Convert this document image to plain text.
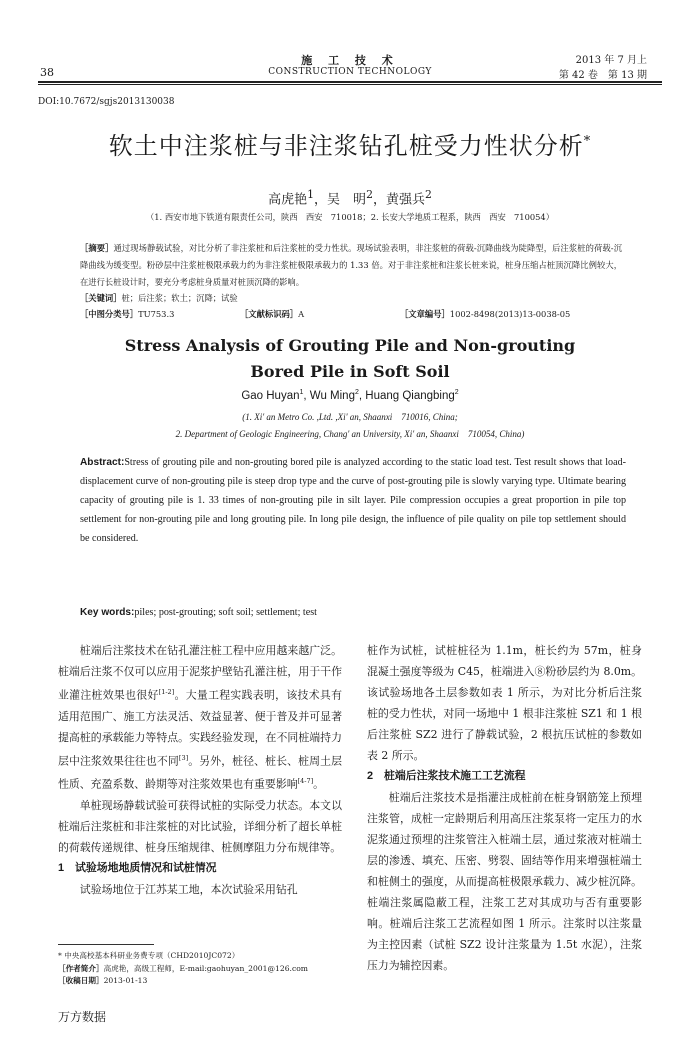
施 工 技 术
CONSTRUCTION TECHNOLOGY
38
2013 年 7 月上
第 42 卷　第 13 期
DOI:10.7672/sgjs2013130038
软土中注浆桩与非注浆钻孔桩受力性状分析*
高虎艳$^1$，吴　明$^2$，黄强兵$^2$
（1. 西安市地下铁道有限责任公司，陕西　西安　710018；2. 长安大学地质工程系，陕西　西安　710054）
［摘要］通过现场静载试验，对比分析了非注浆桩和后注浆桩的受力性状。现场试验表明，非注浆桩的荷载-沉降曲线为陡降型，后注浆桩的荷载-沉降曲线为缓变型。粉砂层中注浆桩极限承载力约为非注浆桩极限承载力的 1.33 倍。对于非注浆桩和注浆长桩来说，桩身压缩占桩顶沉降比例较大，在进行长桩设计时，要充分考虑桩身质量对桩顶沉降的影响。
［关键词］桩；后注浆；软土；沉降；试验
［中图分类号］TU753.3	［文献标识码］A	［文章编号］1002-8498(2013)13-0038-05
Stress Analysis of Grouting Pile and Non-grouting
Bored Pile in Soft Soil
Gao Huyan$^1$, Wu Ming$^2$, Huang Qiangbing$^2$
(1. Xi' an Metro Co. ,Ltd. ,Xi' an, Shaanxi　710016, China;
2. Department of Geologic Engineering, Chang' an University, Xi' an, Shaanxi　710054, China)
Abstract:Stress of grouting pile and non-grouting bored pile is analyzed according to the static load test. Test result shows that load-displacement curve of non-grouting pile is steep drop type and the curve of post-grouting pile is slowly varying type. Ultimate bearing capacity of grouting pile is 1. 33 times of non-grouting pile in silt layer. Pile compression occupies a great proportion in pile top settlement for non-grouting pile and long grouting pile. In long pile design, the influence of pile quality on pile top settlement should be considered.
Key words:piles; post-grouting; soft soil; settlement; test

桩端后注浆技术在钻孔灌注桩工程中应用越来越广泛。桩端后注浆不仅可以应用于泥浆护壁钻孔灌注桩，用于干作业灌注桩效果也很好[1-2]。大量工程实践表明，该技术具有适用范围广、施工方法灵活、效益显著、便于普及并可显著提高桩的承载能力等特点。实践经验发现，在不同桩端持力层中注浆效果往往也不同[3]。另外，桩径、桩长、桩周土层性质、充盈系数、龄期等对注浆效果也有重要影响[4-7]。

单桩现场静载试验可获得试桩的实际受力状态。本文以桩端后注浆桩和非注浆桩的对比试验，详细分析了超长单桩的荷载传递规律、桩身压缩规律、桩侧摩阻力分布规律等。

1　试验场地地质情况和试桩情况

试验场地位于江苏某工地，本次试验采用钻孔

桩作为试桩，试桩桩径为 1.1m，桩长约为 57m，桩身混凝土强度等级为 C45，桩端进入⑧粉砂层约为 8.0m。该试验场地各土层参数如表 1 所示，为对比分析后注浆桩的受力性状，对同一场地中 1 根非注浆桩 SZ1 和 1 根后注浆桩 SZ2 进行了静载试验，2 根抗压试桩的参数如表 2 所示。

2　桩端后注浆技术施工工艺流程

桩端后注浆技术是指灌注成桩前在桩身钢筋笼上预埋注浆管，成桩一定龄期后利用高压注浆泵将一定压力的水泥浆通过预埋的注浆管注入桩端土层，通过浆液对桩端土层的渗透、填充、压密、劈裂、固结等作用来增强桩端土和桩侧土的强度，从而提高桩极限承载力、减少桩沉降。桩端注浆属隐蔽工程，注浆工艺对其成功与否有重要影响。桩端后注浆工艺流程如图 1 所示。注浆时以注浆量为主控因素（试桩 SZ2 设计注浆量为 1.5t 水泥），注浆压力为辅控因素。

* 中央高校基本科研业务费专项（CHD2010JC072）
［作者简介］高虎艳，高级工程师，E-mail:gaohuyan_2001@126.com
［收稿日期］2013-01-13
万方数据
